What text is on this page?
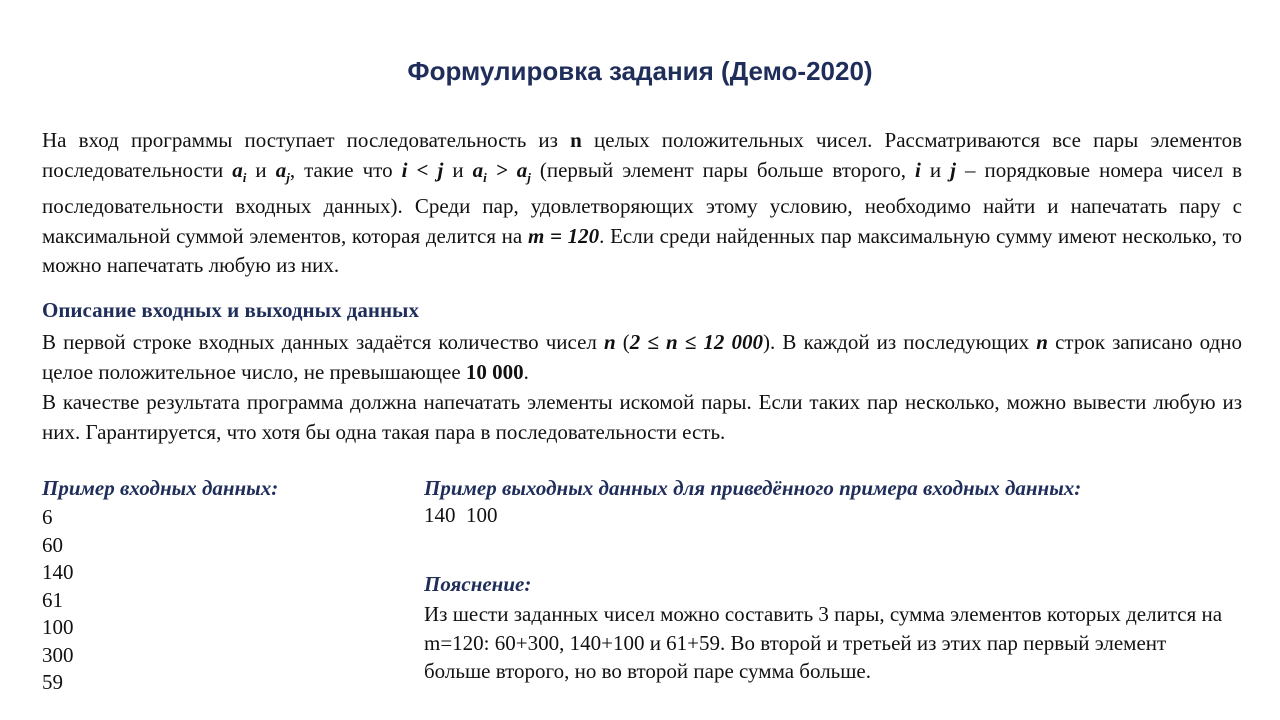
Формулировка задания (Демо-2020)
На вход программы поступает последовательность из n целых положительных чисел. Рассматриваются все пары элементов последовательности $a_i$ и $a_j$, такие что i < j и $a_i > a_j$ (первый элемент пары больше второго, i и j – порядковые номера чисел в последовательности входных данных). Среди пар, удовлетворяющих этому условию, необходимо найти и напечатать пару с максимальной суммой элементов, которая делится на m = 120. Если среди найденных пар максимальную сумму имеют несколько, то можно напечатать любую из них.
Описание входных и выходных данных
В первой строке входных данных задаётся количество чисел n (2 ≤ n ≤ 12 000). В каждой из последующих n строк записано одно целое положительное число, не превышающее 10 000.
В качестве результата программа должна напечатать элементы искомой пары. Если таких пар несколько, можно вывести любую из них. Гарантируется, что хотя бы одна такая пара в последовательности есть.
Пример входных данных:
6
60
140
61
100
300
59
Пример выходных данных для приведённого примера входных данных:
140  100
Пояснение:
Из шести заданных чисел можно составить 3 пары, сумма элементов которых делится на m=120: 60+300, 140+100 и 61+59. Во второй и третьей из этих пар первый элемент больше второго, но во второй паре сумма больше.
